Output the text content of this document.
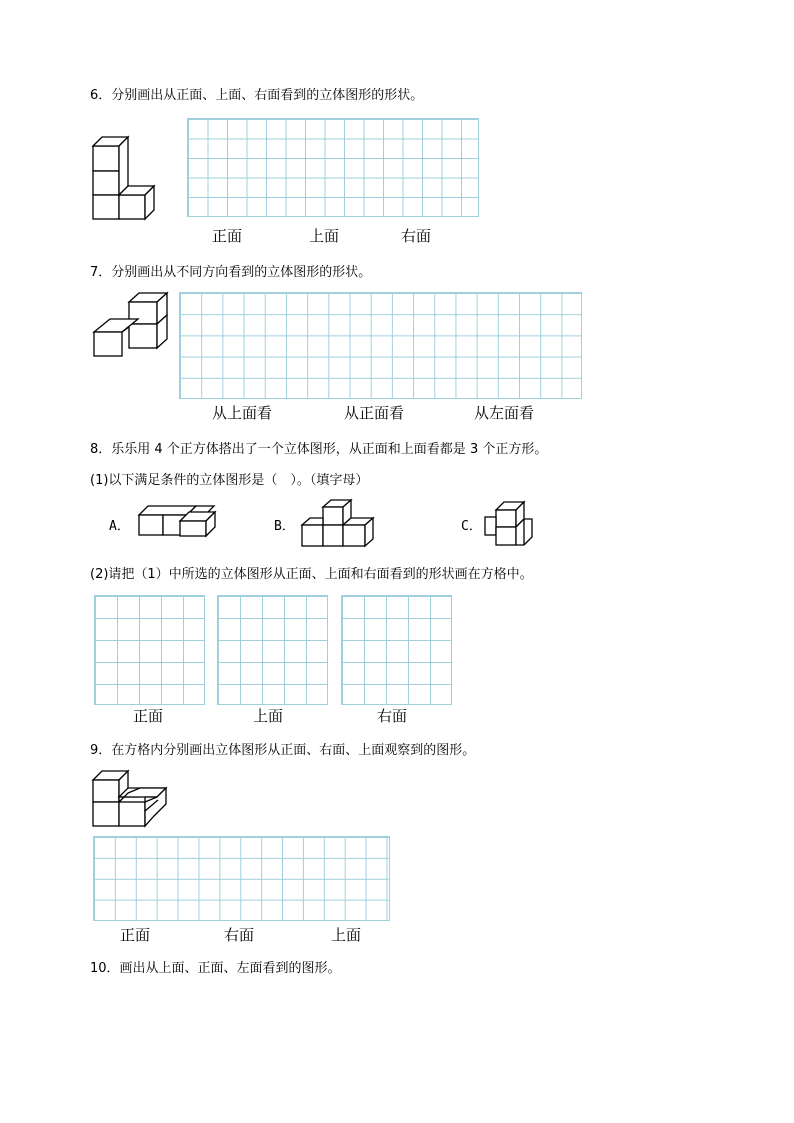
6．分别画出从正面、上面、右面看到的立体图形的形状。
正面	上面	右面
7．分别画出从不同方向看到的立体图形的形状。
从上面看	从正面看	从左面看
8．乐乐用 4 个正方体搭出了一个立体图形，从正面和上面看都是 3 个正方形。
(1)以下满足条件的立体图形是（　）。（填字母）
A．	B．	C．
(2)请把（1）中所选的立体图形从正面、上面和右面看到的形状画在方格中。
正面	上面	右面
9．在方格内分别画出立体图形从正面、右面、上面观察到的图形。
正面	右面	上面
10．画出从上面、正面、左面看到的图形。
